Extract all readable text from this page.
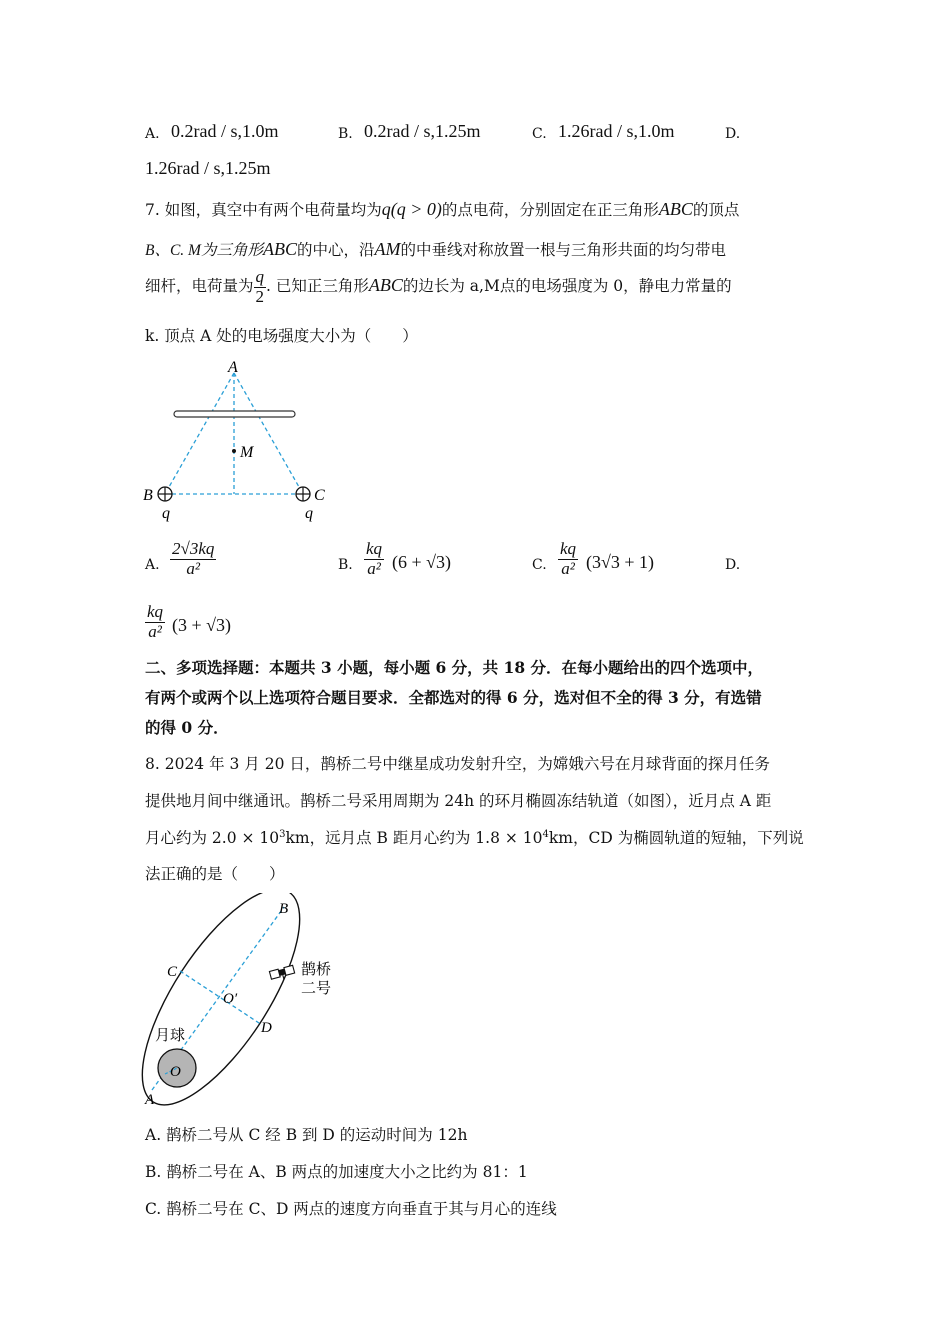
A. 0.2rad / s,1.0m	B. 0.2rad / s,1.25m	C. 1.26rad / s,1.0m	D.
1.26rad / s,1.25m
7. 如图，真空中有两个电荷量均为q(q > 0)的点电荷，分别固定在正三角形ABC的顶点
B、C. M为三角形ABC的中心，沿AM的中垂线对称放置一根与三角形共面的均匀带电
细杆，电荷量为 $\frac{q}{2}$ . 已知正三角形ABC的边长为 a,M点的电场强度为 0，静电力常量的
k. 顶点 A 处的电场强度大小为（　　）
A
M
B	C
q	q
A. $\frac{2√3kq}{\text{a²}}$	B. $\frac{kq}{\text{a²}} (6 + √3)$	C. $\frac{kq}{\text{a²}} (3√3 + 1)$	D.
$\frac{kq}{\text{a²}} (3 + √3)$
二、多项选择题：本题共 3 小题，每小题 6 分，共 18 分．在每小题给出的四个选项中，
有两个或两个以上选项符合题目要求．全都选对的得 6 分，选对但不全的得 3 分，有选错
的得 0 分．
8. 2024 年 3 月 20 日，鹊桥二号中继星成功发射升空，为嫦娥六号在月球背面的探月任务
提供地月间中继通讯。鹊桥二号采用周期为 24h 的环月椭圆冻结轨道（如图），近月点 A 距
月心约为 $2.0 \times 10^3km$，远月点 B 距月心约为 $1.8 \times 10^4km$，CD 为椭圆轨道的短轴，下列说
法正确的是（　　）
B
C
D
O′
O
A
月球
鹊桥
二号
A. 鹊桥二号从 C 经 B 到 D 的运动时间为 12h
B. 鹊桥二号在 A、B 两点的加速度大小之比约为 81：1
C. 鹊桥二号在 C、D 两点的速度方向垂直于其与月心的连线
